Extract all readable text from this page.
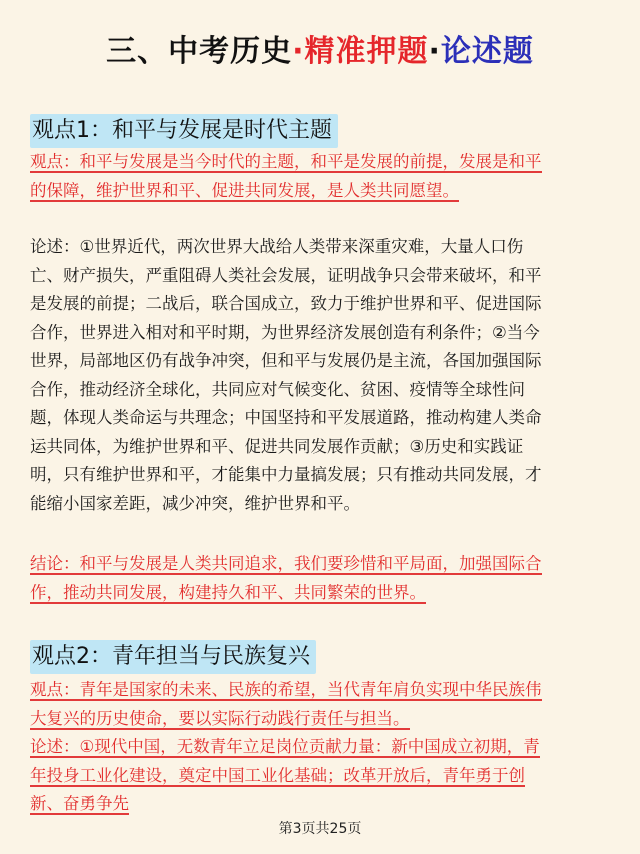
三、中考历史·精准押题·论述题
观点1：和平与发展是时代主题
观点：和平与发展是当今时代的主题，和平是发展的前提，发展是和平
的保障，维护世界和平、促进共同发展，是人类共同愿望。
论述：①世界近代，两次世界大战给人类带来深重灾难，大量人口伤
亡、财产损失，严重阻碍人类社会发展，证明战争只会带来破坏，和平
是发展的前提；二战后，联合国成立，致力于维护世界和平、促进国际
合作，世界进入相对和平时期，为世界经济发展创造有利条件；②当今
世界，局部地区仍有战争冲突，但和平与发展仍是主流，各国加强国际
合作，推动经济全球化，共同应对气候变化、贫困、疫情等全球性问
题，体现人类命运与共理念；中国坚持和平发展道路，推动构建人类命
运共同体，为维护世界和平、促进共同发展作贡献；③历史和实践证
明，只有维护世界和平，才能集中力量搞发展；只有推动共同发展，才
能缩小国家差距，减少冲突，维护世界和平。
结论：和平与发展是人类共同追求，我们要珍惜和平局面，加强国际合
作，推动共同发展，构建持久和平、共同繁荣的世界。
观点2：青年担当与民族复兴
观点：青年是国家的未来、民族的希望，当代青年肩负实现中华民族伟
大复兴的历史使命，要以实际行动践行责任与担当。
论述：①现代中国，无数青年立足岗位贡献力量：新中国成立初期，青
年投身工业化建设，奠定中国工业化基础；改革开放后，青年勇于创
新、奋勇争先
第3页共25页
